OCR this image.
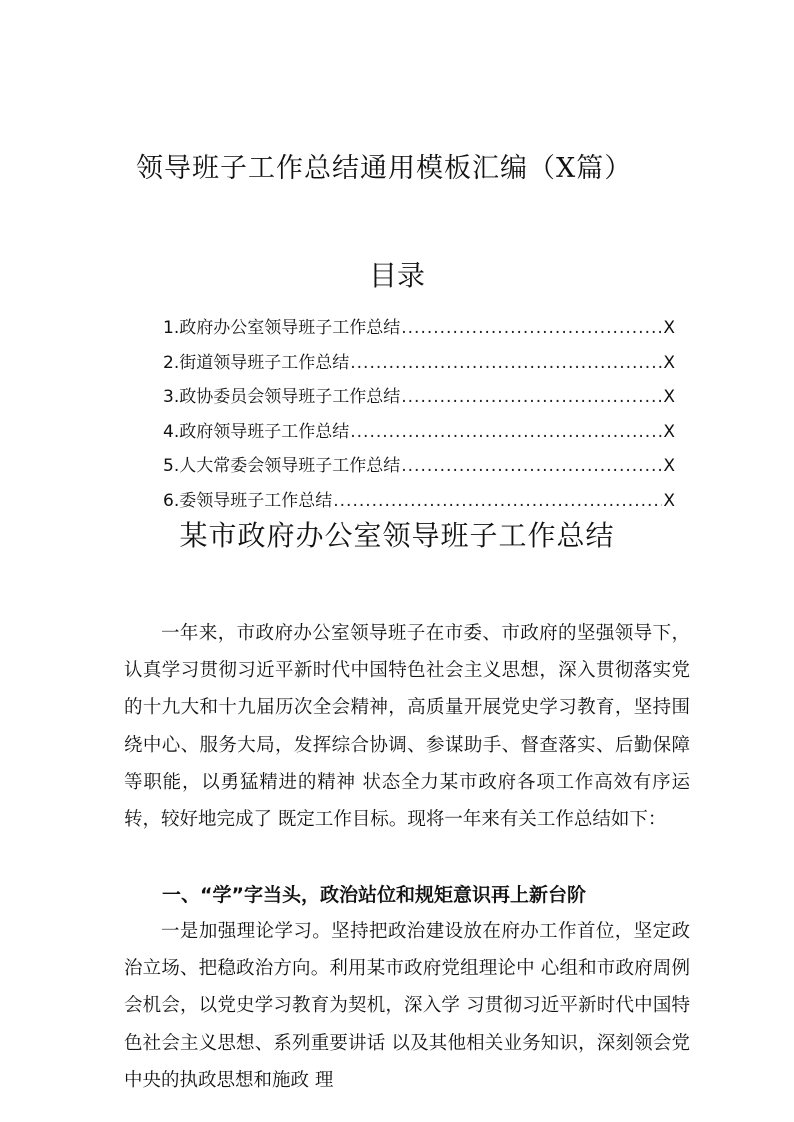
领导班子工作总结通用模板汇编（X篇）
目录
1.政府办公室领导班子工作总结 .....	X
2.街道领导班子工作总结 .....	X
3.政协委员会领导班子工作总结 .....	X
4.政府领导班子工作总结 .....	X
5.人大常委会领导班子工作总结 .....	X
6.委领导班子工作总结 .....	X
某市政府办公室领导班子工作总结

一年来，市政府办公室领导班子在市委、市政府的坚强领导下，认真学习贯彻习近平新时代中国特色社会主义思想，深入贯彻落实党的十九大和十九届历次全会精神，高质量开展党史学习教育，坚持围绕中心、服务大局，发挥综合协调、参谋助手、督查落实、后勤保障等职能，以勇猛精进的精神 状态全力某市政府各项工作高效有序运转，较好地完成了 既定工作目标。现将一年来有关工作总结如下：

一、“学”字当头，政治站位和规矩意识再上新台阶

一是加强理论学习。坚持把政治建设放在府办工作首位，坚定政治立场、把稳政治方向。利用某市政府党组理论中 心组和市政府周例会机会，以党史学习教育为契机，深入学 习贯彻习近平新时代中国特色社会主义思想、系列重要讲话 以及其他相关业务知识，深刻领会党中央的执政思想和施政 理
